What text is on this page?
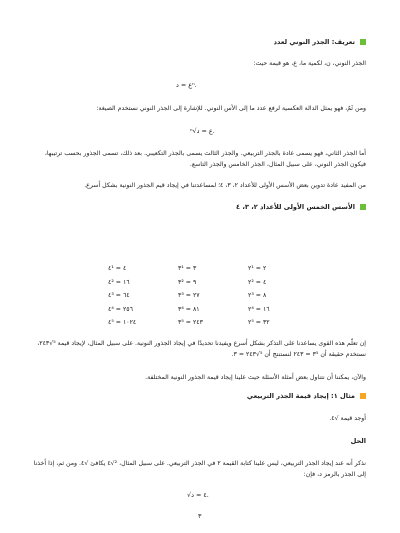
تعريف: الجذر النوني لعدد
الجذر النوني، ن، لكمية ما، ع، هو قيمة حيث:
ع = دⁿ.
ومن ثَمّ، فهو يمثل الدالة العكسية لرفع عدد ما إلى الأس النوني. للإشارة إلى الجذر النوني نستخدم الصيغة:
ⁿ√ع = د.
أما الجذر الثاني، فهو يسمى عادة بالجذر التربيعي. والجذر الثالث يسمى بالجذر التكعيبي. بعد ذلك، تسمى الجذور بحسب ترتيبها، فيكون الجذر النوني، على سبيل المثال، الجذر الخامس والجذر التاسع.
من المفيد عادة تدوين بعض الأسس الأولى للأعداد ٢، ٣، ٤؛ لمساعدتنا في إيجاد قيم الجذور النونية بشكل أسرع.
الأسس الخمس الأولى للأعداد ٢، ٣، ٤
٤¹ = ٤	٣¹ = ٣	٢¹ = ٢
٤² = ١٦	٣² = ٩	٢² = ٤
٤³ = ٦٤	٣³ = ٢٧	٢³ = ٨
٤⁴ = ٢٥٦	٣⁴ = ٨١	٢⁴ = ١٦
٤⁵ = ١٠٢٤	٣⁵ = ٢٤٣	٢⁵ = ٣٢
إن تعلّم هذه القوى يساعدنا على التذكر بشكل أسرع ويفيدنا تحديدًا في إيجاد الجذور النونية. على سبيل المثال، لإيجاد قيمة ⁵√٢٤٣، نستخدم حقيقة أن ٣⁵ = ٢٤٣ لنستنتج أن ⁵√٢٤٣ = ٣.
والآن، يمكننا أن نتناول بعض أمثلة الأسئلة حيث علينا إيجاد قيمة الجذور النونية المختلفة.
مثال ١: إيجاد قيمة الجذر التربيعي
أوجد قيمة √٤.
الحل
نذكر أنه عند إيجاد الجذر التربيعي، ليس علينا كتابة القيمة ٢ في الجذر التربيعي. على سبيل المثال، ²√٤ يكافئ √٤. ومن ثم، إذا أخذنا إلى الجذر بالرمز د، فإن:
√٤ = د.
٣
